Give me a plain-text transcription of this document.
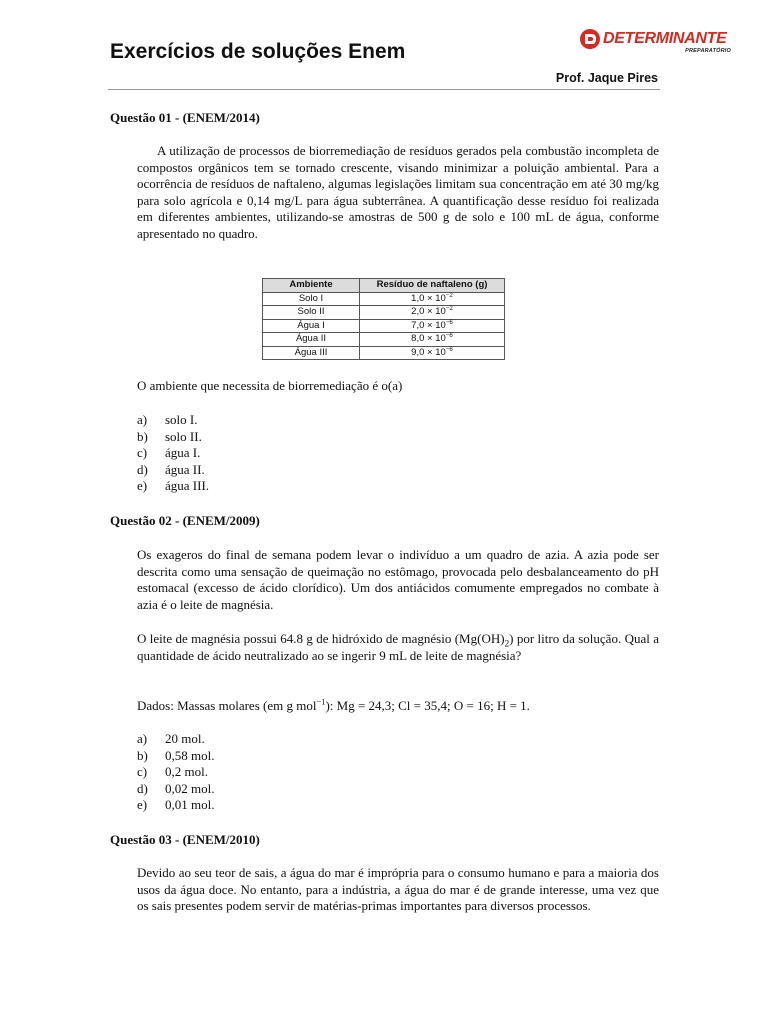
Exercícios de soluções Enem
DETERMINANTE
PREPARATÓRIO
Prof. Jaque Pires

Questão 01 - (ENEM/2014)

A utilização de processos de biorremediação de resíduos gerados pela combustão incompleta de compostos orgânicos tem se tornado crescente, visando minimizar a poluição ambiental. Para a ocorrência de resíduos de naftaleno, algumas legislações limitam sua concentração em até 30 mg/kg para solo agrícola e 0,14 mg/L para água subterrânea. A quantificação desse resíduo foi realizada em diferentes ambientes, utilizando-se amostras de 500 g de solo e 100 mL de água, conforme apresentado no quadro.

Ambiente	Resíduo de naftaleno (g)
Solo I	$1,0 \times 10^{-2}$
Solo II	$2,0 \times 10^{-2}$
Água I	$7,0 \times 10^{-6}$
Água II	$8,0 \times 10^{-6}$
Água III	$9,0 \times 10^{-6}$

O ambiente que necessita de biorremediação é o(a)

a)	solo I.
b)	solo II.
c)	água I.
d)	água II.
e)	água III.

Questão 02 - (ENEM/2009)

Os exageros do final de semana podem levar o indivíduo a um quadro de azia. A azia pode ser descrita como uma sensação de queimação no estômago, provocada pelo desbalanceamento do pH estomacal (excesso de ácido clorídico). Um dos antiácidos comumente empregados no combate à azia é o leite de magnésia.

O leite de magnésia possui 64.8 g de hidróxido de magnésio $(Mg(OH)_2)$ por litro da solução. Qual a quantidade de ácido neutralizado ao se ingerir 9 mL de leite de magnésia?

Dados: Massas molares (em g mol$^{-1}$): Mg = 24,3; Cl = 35,4; O = 16; H = 1.

a)	20 mol.
b)	0,58 mol.
c)	0,2 mol.
d)	0,02 mol.
e)	0,01 mol.

Questão 03 - (ENEM/2010)

Devido ao seu teor de sais, a água do mar é imprópria para o consumo humano e para a maioria dos usos da água doce. No entanto, para a indústria, a água do mar é de grande interesse, uma vez que os sais presentes podem servir de matérias-primas importantes para diversos processos.
